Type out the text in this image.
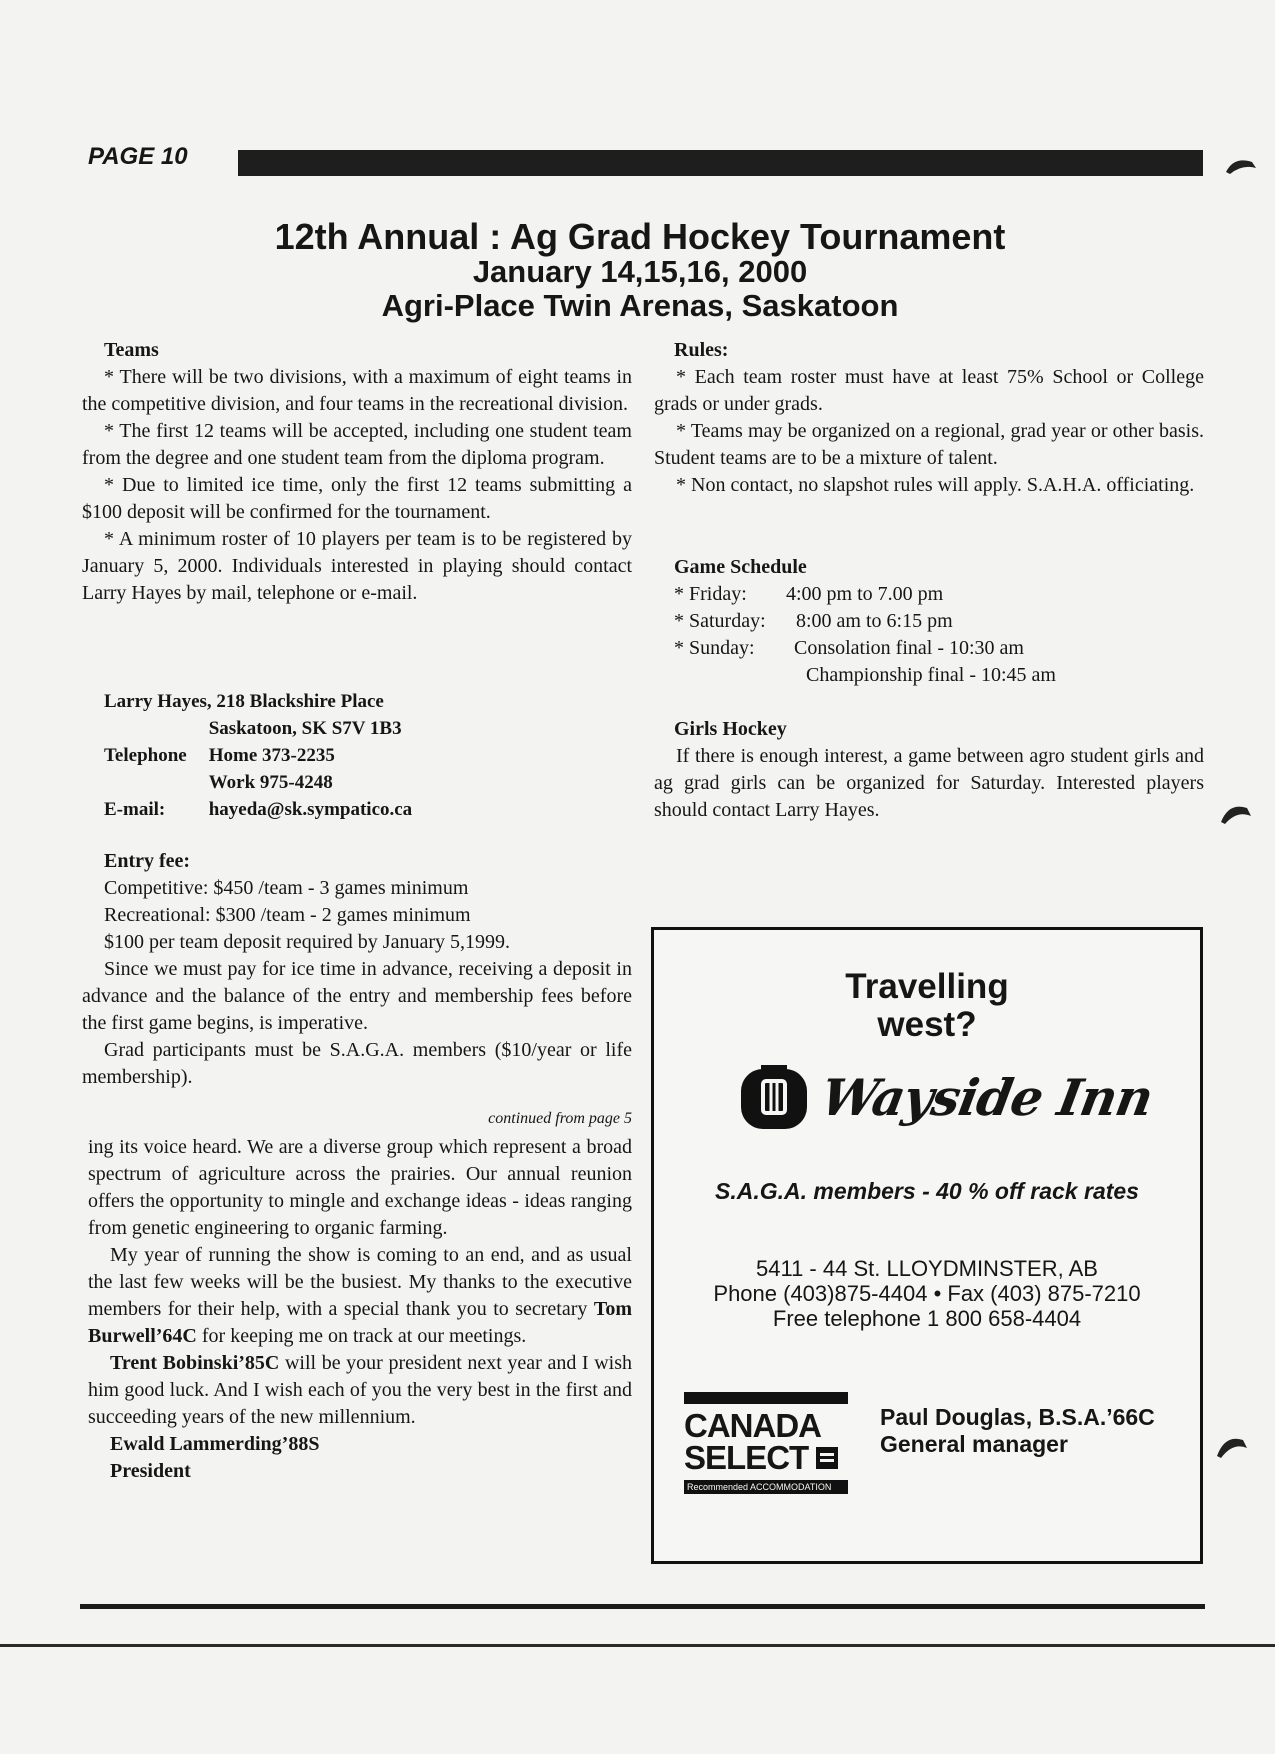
PAGE 10
12th Annual : Ag Grad Hockey Tournament
January 14,15,16, 2000
Agri-Place Twin Arenas, Saskatoon

Teams

* There will be two divisions, with a maximum of eight teams in the competitive division, and four teams in the recreational division.

* The first 12 teams will be accepted, including one student team from the degree and one student team from the diploma program.

* Due to limited ice time, only the first 12 teams submitting a $100 deposit will be confirmed for the tournament.

* A minimum roster of 10 players per team is to be registered by January 5, 2000. Individuals interested in playing should contact Larry Hayes by mail, telephone or e-mail.

Larry Hayes, 218 Blackshire Place	
	Saskatoon, SK S7V 1B3
Telephone	Home 373-2235
	Work 975-4248
E-mail:	hayeda@sk.sympatico.ca

Entry fee:

Competitive: $450 /team - 3 games minimum

Recreational: $300 /team - 2 games minimum

$100 per team deposit required by January 5,1999.

Since we must pay for ice time in advance, receiving a deposit in advance and the balance of the entry and membership fees before the first game begins, is imperative.

Grad participants must be S.A.G.A. members ($10/year or life membership).

continued from page 5

ing its voice heard. We are a diverse group which represent a broad spectrum of agriculture across the prairies. Our annual reunion offers the opportunity to mingle and exchange ideas - ideas ranging from genetic engineering to organic farming.

My year of running the show is coming to an end, and as usual the last few weeks will be the busiest. My thanks to the executive members for their help, with a special thank you to secretary Tom Burwell’64C for keeping me on track at our meetings.

Trent Bobinski’85C will be your president next year and I wish him good luck. And I wish each of you the very best in the first and succeeding years of the new millennium.

Ewald Lammerding’88S

President

Rules:

* Each team roster must have at least 75% School or College grads or under grads.

* Teams may be organized on a regional, grad year or other basis. Student teams are to be a mixture of talent.

* Non contact, no slapshot rules will apply. S.A.H.A. officiating.

Game Schedule
* Friday: 4:00 pm to 7.00 pm
* Saturday: 8:00 am to 6:15 pm
* Sunday: Consolation final - 10:30 am
Championship final - 10:45 am

Girls Hockey

If there is enough interest, a game between agro student girls and ag grad girls can be organized for Saturday. Interested players should contact Larry Hayes.

Travelling
west?
Wayside Inn
S.A.G.A. members - 40 % off rack rates
5411 - 44 St. LLOYDMINSTER, AB
Phone (403)875-4404 • Fax (403) 875-7210
Free telephone 1 800 658-4404
CANADA
SELECT
Recommended ACCOMMODATION
Paul Douglas, B.S.A.’66C
General manager
